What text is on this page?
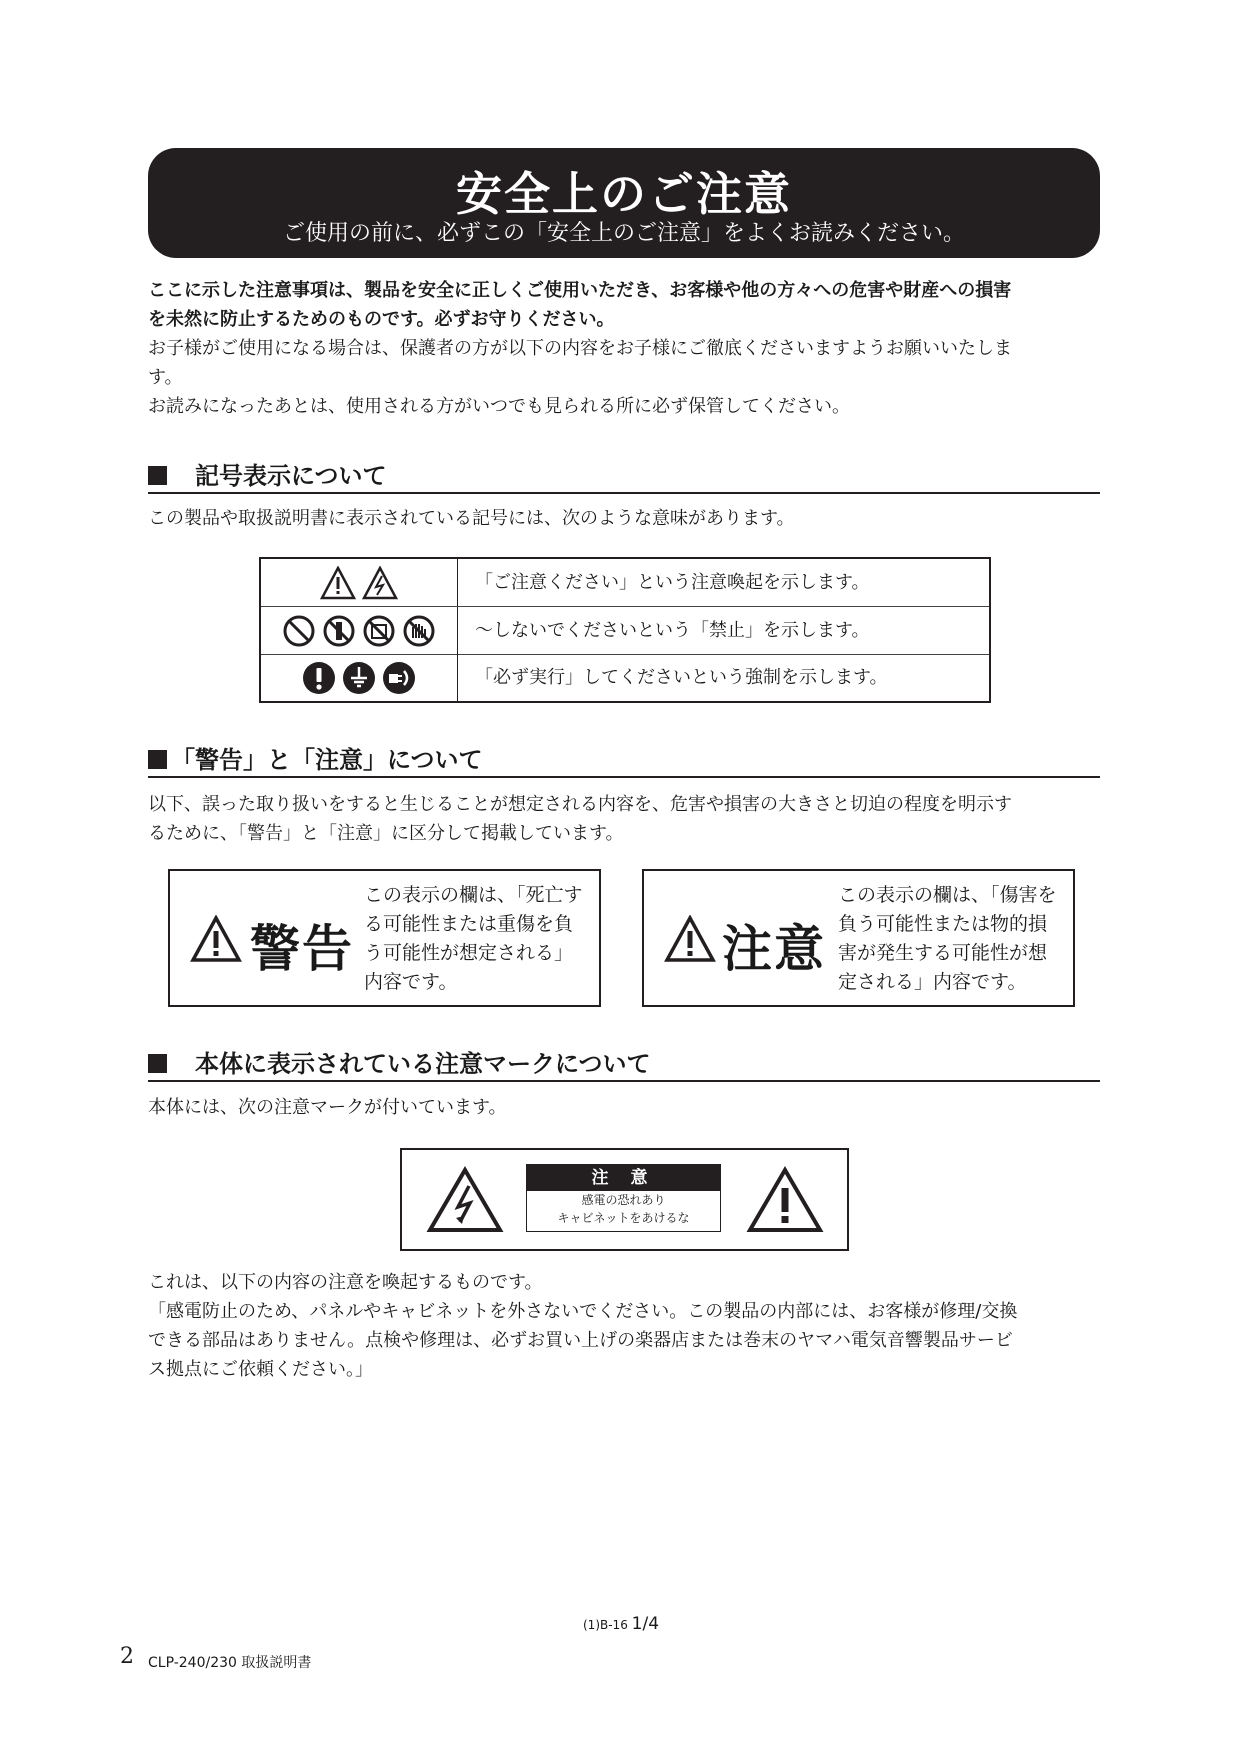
安全上のご注意
ご使用の前に、必ずこの「安全上のご注意」をよくお読みください。

ここに示した注意事項は、製品を安全に正しくご使用いただき、お客様や他の方々への危害や財産への損害

を未然に防止するためのものです。必ずお守りください。

お子様がご使用になる場合は、保護者の方が以下の内容をお子様にご徹底くださいますようお願いいたしま

す。

お読みになったあとは、使用される方がいつでも見られる所に必ず保管してください。

記号表示について
この製品や取扱説明書に表示されている記号には、次のような意味があります。
「ご注意ください」という注意喚起を示します。
～しないでくださいという「禁止」を示します。
「必ず実行」してくださいという強制を示します。
「警告」と「注意」について

以下、誤った取り扱いをすると生じることが想定される内容を、危害や損害の大きさと切迫の程度を明示す

るために、「警告」と「注意」に区分して掲載しています。

警告
この表示の欄は、「死亡す
る可能性または重傷を負
う可能性が想定される」
内容です。
注意
この表示の欄は、「傷害を
負う可能性または物的損
害が発生する可能性が想
定される」内容です。
本体に表示されている注意マークについて
本体には、次の注意マークが付いています。
注 意
感電の恐れあり
キャビネットをあけるな

これは、以下の内容の注意を喚起するものです。

「感電防止のため、パネルやキャビネットを外さないでください。この製品の内部には、お客様が修理/交換

できる部品はありません。点検や修理は、必ずお買い上げの楽器店または巻末のヤマハ電気音響製品サービ

ス拠点にご依頼ください。」

(1)B-16 1/4
2 CLP-240/230 取扱説明書
